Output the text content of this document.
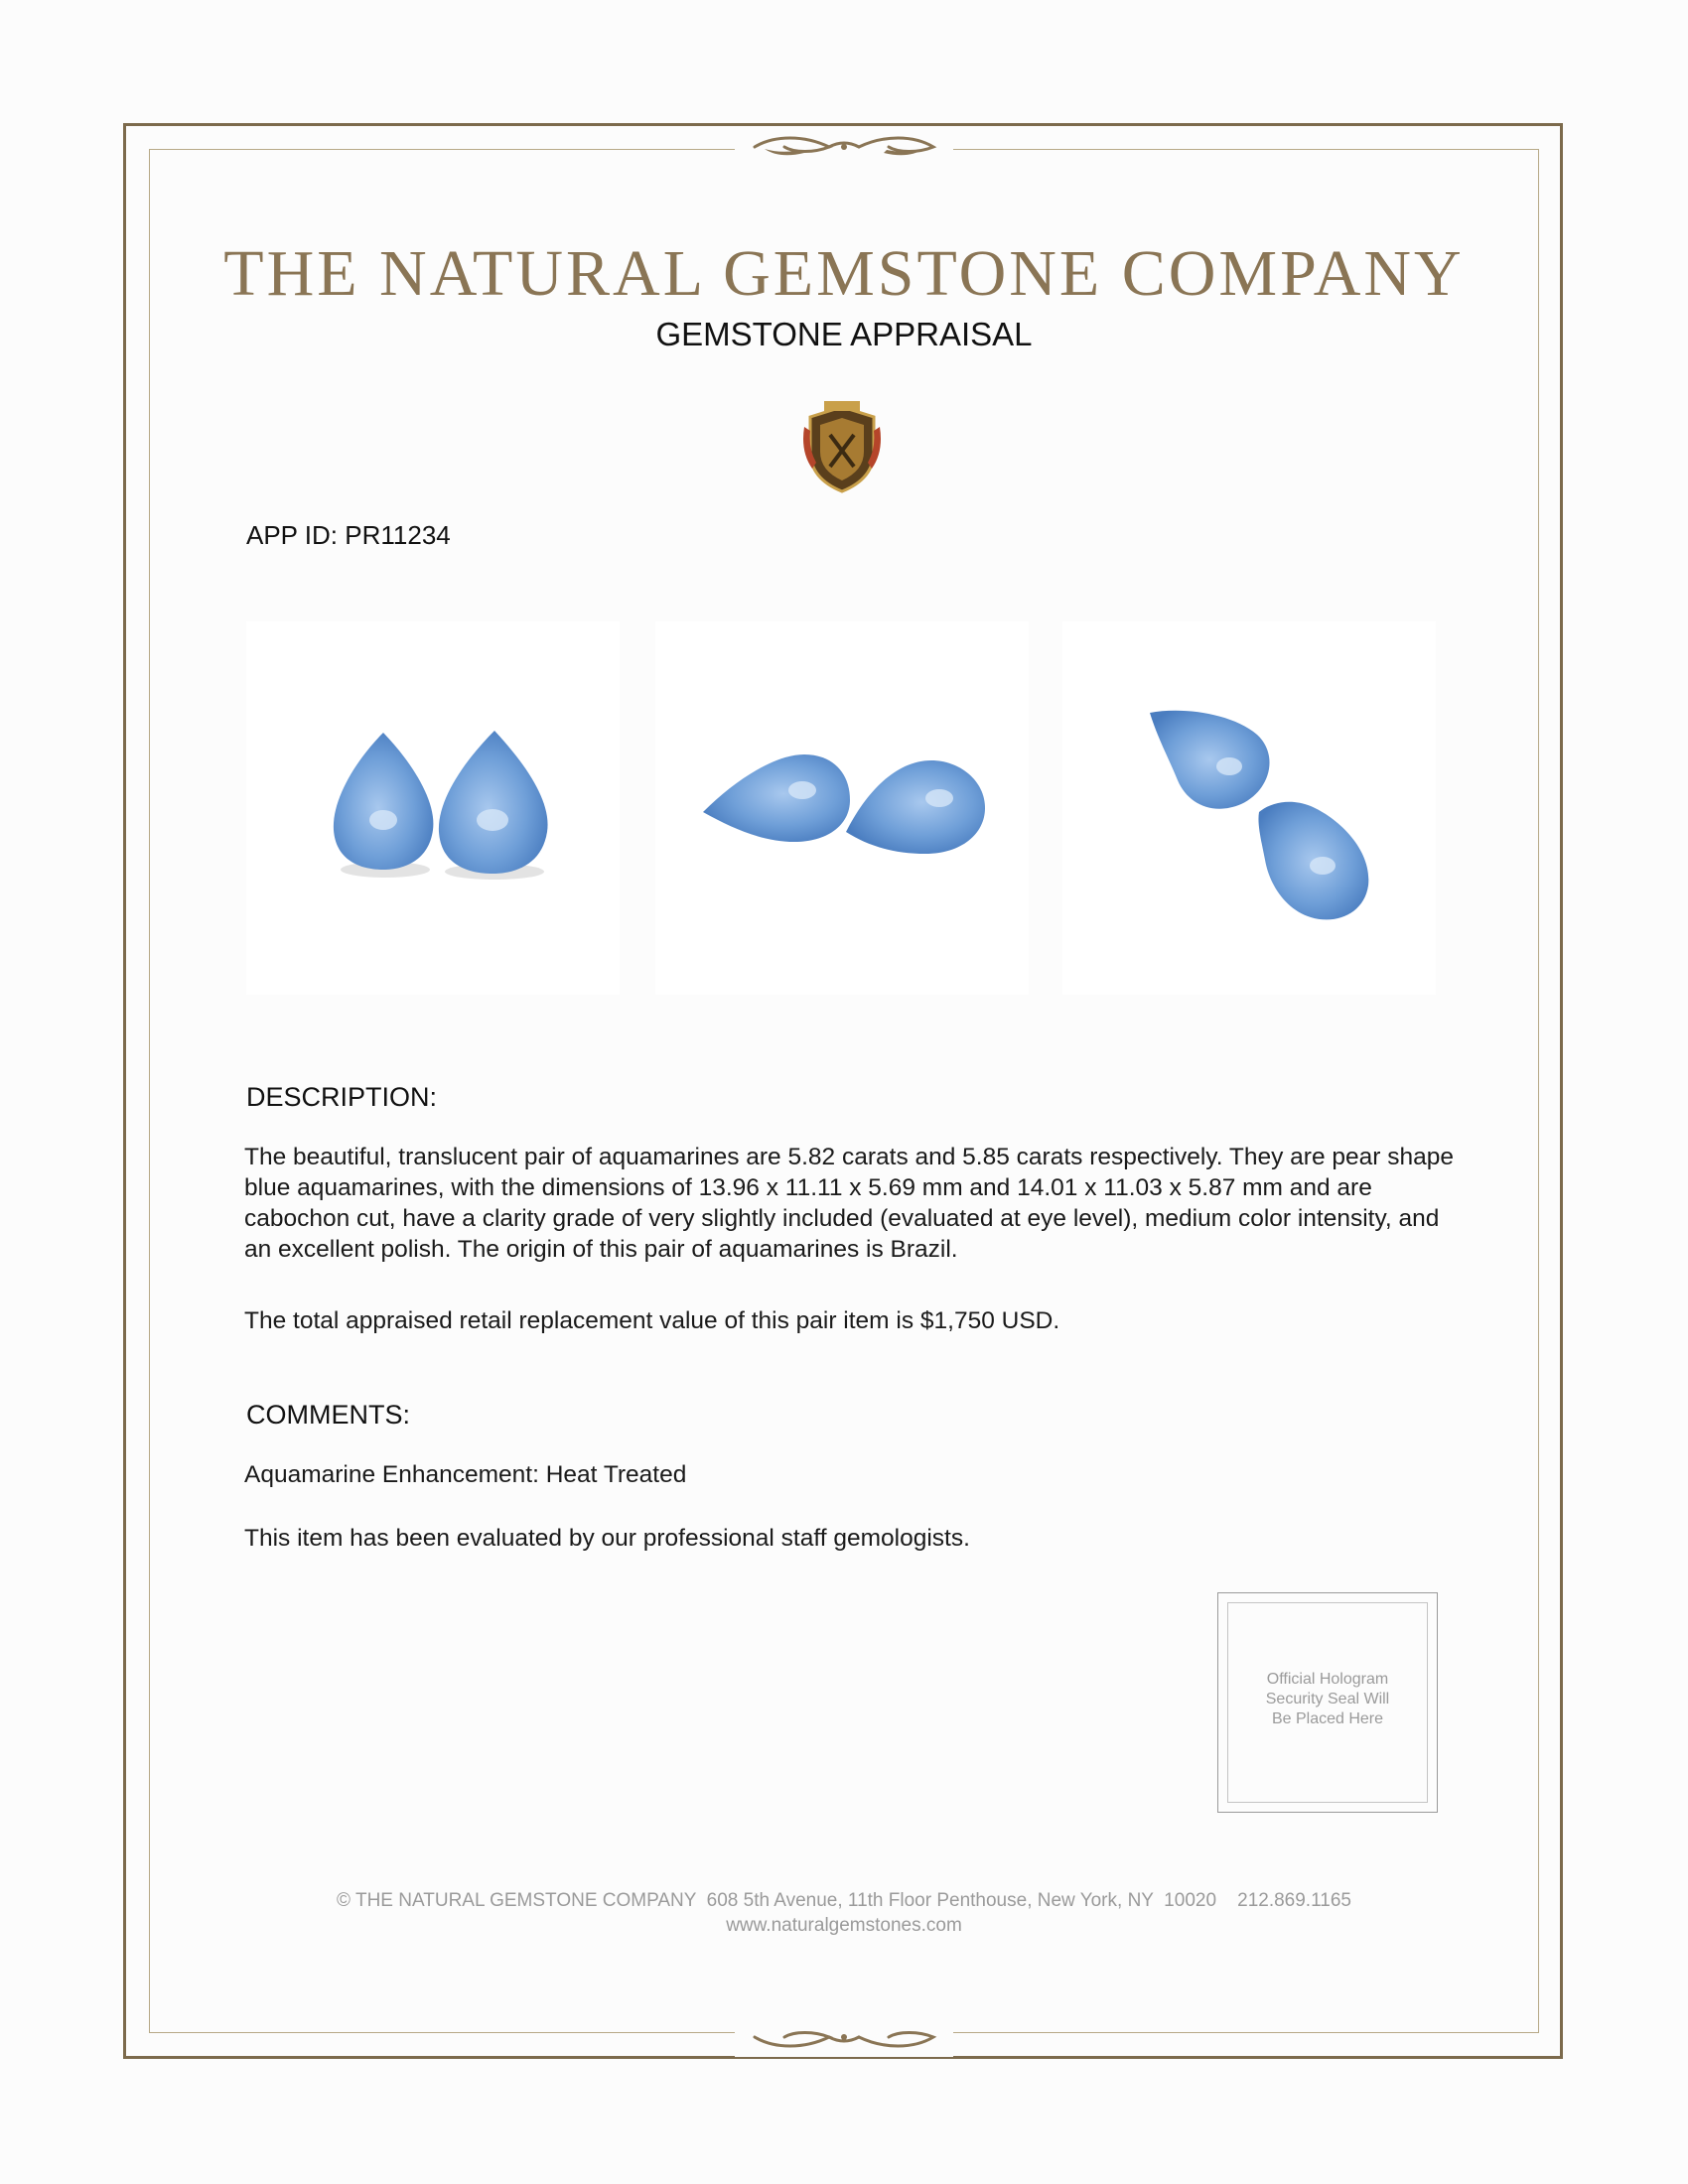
THE NATURAL GEMSTONE COMPANY
GEMSTONE APPRAISAL
APP ID: PR11234
DESCRIPTION:

The beautiful, translucent pair of aquamarines are 5.82 carats and 5.85 carats respectively. They are pear shape blue aquamarines, with the dimensions of 13.96 x 11.11 x 5.69 mm and 14.01 x 11.03 x 5.87 mm and are cabochon cut, have a clarity grade of very slightly included (evaluated at eye level), medium color intensity, and an excellent polish. The origin of this pair of aquamarines is Brazil.

The total appraised retail replacement value of this pair item is $1,750 USD.

COMMENTS:

Aquamarine Enhancement: Heat Treated

This item has been evaluated by our professional staff gemologists.

Official Hologram
Security Seal Will
Be Placed Here
© THE NATURAL GEMSTONE COMPANY  608 5th Avenue, 11th Floor Penthouse, New York, NY  10020    212.869.1165
www.naturalgemstones.com
